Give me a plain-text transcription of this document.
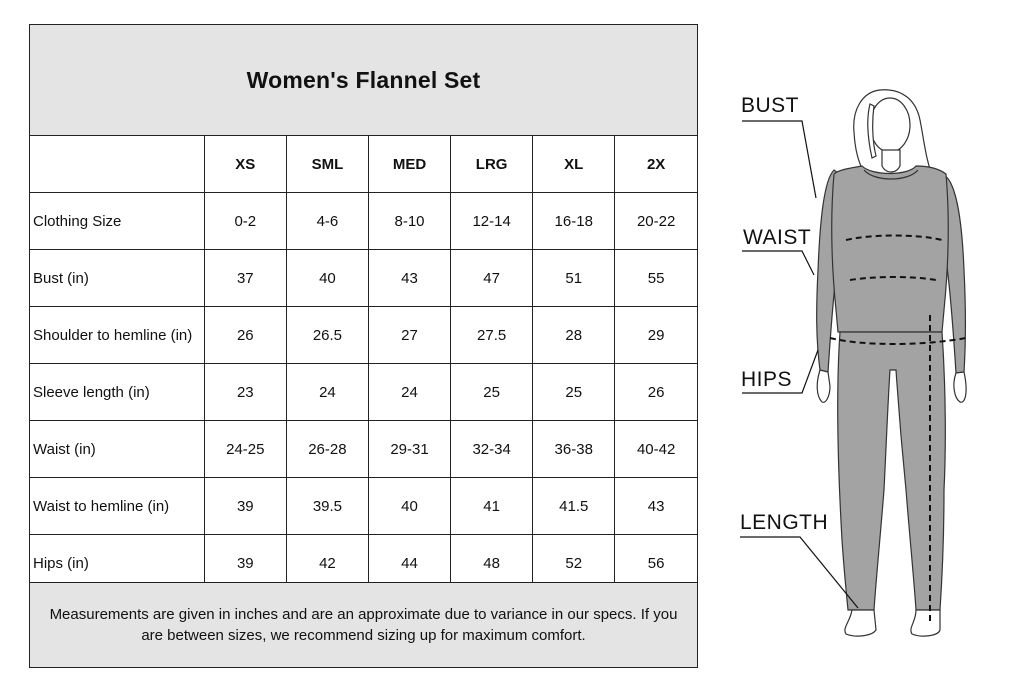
Women's Flannel Set
	XS	SML	MED	LRG	XL	2X
Clothing Size	0-2	4-6	8-10	12-14	16-18	20-22
Bust (in)	37	40	43	47	51	55
Shoulder to hemline (in)	26	26.5	27	27.5	28	29
Sleeve length (in)	23	24	24	25	25	26
Waist (in)	24-25	26-28	29-31	32-34	36-38	40-42
Waist to hemline (in)	39	39.5	40	41	41.5	43
Hips (in)	39	42	44	48	52	56

Measurements are given in inches and are an approximate due to variance in our specs. If you are between sizes, we recommend sizing up for maximum comfort.

BUST
WAIST
HIPS
LENGTH
